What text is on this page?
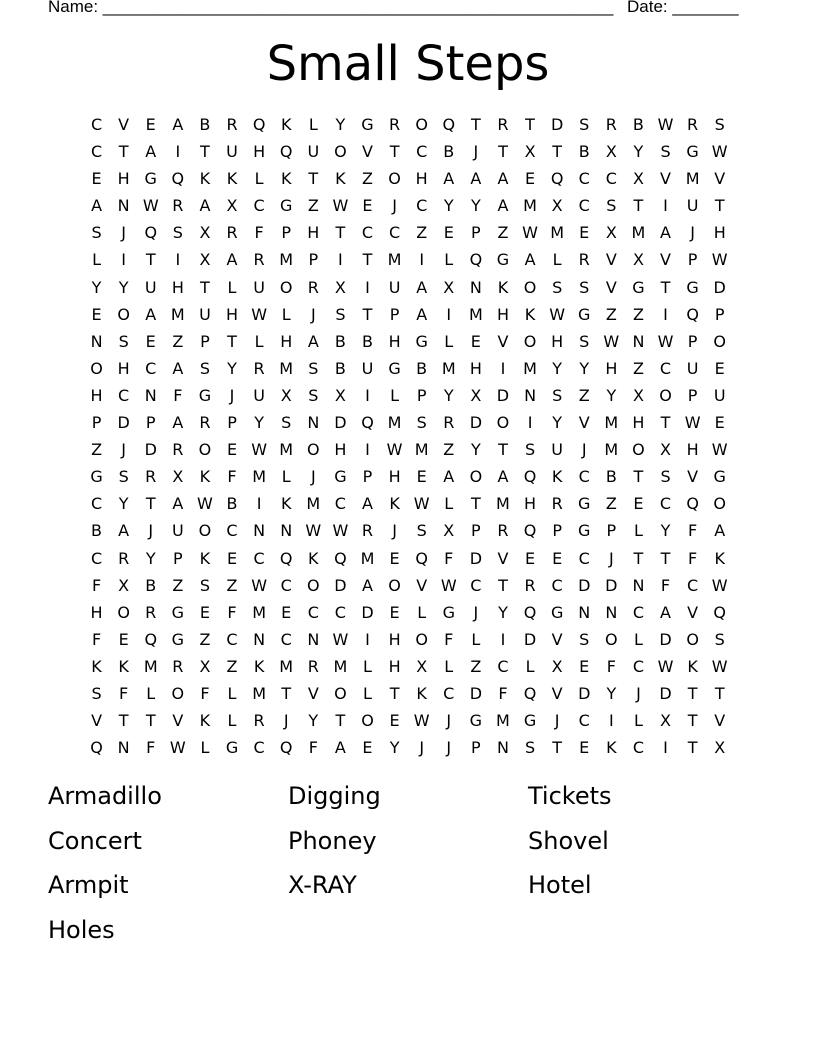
Name: ______________________________________________________ Date: _______
Small Steps
C	V	E	A	B	R Q K	L	Y	G R O Q T	R	T	D S	R	B W R	S
C	T	A	I	T	U H Q U O V	T	C	B	J	T	X	T	B	X	Y	S G W
E	H G Q K	K	L	K	T	K	Z O H A	A	A	E Q C C	X	V M V
A N W R	A	X	C G Z W E	J	C	Y	Y	A M X	C	S	T	I	U	T
S	J	Q S	X	R	F	P	H	T	C C	Z	E	P	Z W M E	X M A	J	H
L	I	T	I	X	A	R M P	I	T M	I	L	Q G A	L	R	V	X	V	P W
Y	Y	U H	T	L	U O R	X	I	U A	X N K O S	S	V G	T	G D
E O A M U H W L	J	S	T	P	A	I	M H K W G Z	Z	I	Q P
N	S	E	Z	P	T	L	H A	B	B H G	L	E	V O H	S W N W P O
O H C	A	S	Y	R M S	B U G B M H	I	M Y	Y	H Z	C U	E
H C N	F	G	J	U X	S	X	I	L	P	Y	X D N	S	Z	Y	X O P	U
P	D	P	A	R	P	Y	S	N D Q M S	R D O	I	Y	V M H	T W E
Z	J	D R O E W M O H	I	W M Z	Y	T	S	U	J	M O X H W
G S	R	X	K	F M L	J	G	P	H	E	A O A Q K	C	B	T	S	V G
C	Y	T	A W B	I	K M C	A	K W L	T M H R G Z	E	C Q O
B	A	J	U O C N N W W R	J	S	X	P	R Q P	G	P	L	Y	F	A
C R	Y	P	K	E	C Q K Q M E Q	F	D V	E	E	C	J	T	T	F	K
F	X	B	Z	S	Z W C O D A O V W C	T	R C D D N	F	C W
H O R G E	F M E	C C D E	L	G	J	Y Q G N N C	A	V Q
F	E Q G Z	C N C N W	I	H O	F	L	I	D V	S O	L	D O S
K	K M R	X	Z	K M R M L	H X	L	Z	C	L	X	E	F	C W K W
S	F	L	O	F	L M T	V O	L	T	K	C D	F	Q V D	Y	J	D	T	T
V	T	T	V	K	L	R	J	Y	T O E W	J	G M G	J	C	I	L	X	T	V
Q N	F W L	G C Q	F	A	E	Y	J	J	P	N	S	T	E	K	C	I	T	X
Armadillo	Digging	Tickets
Concert	Phoney	Shovel
Armpit	X-RAY	Hotel
Holes
